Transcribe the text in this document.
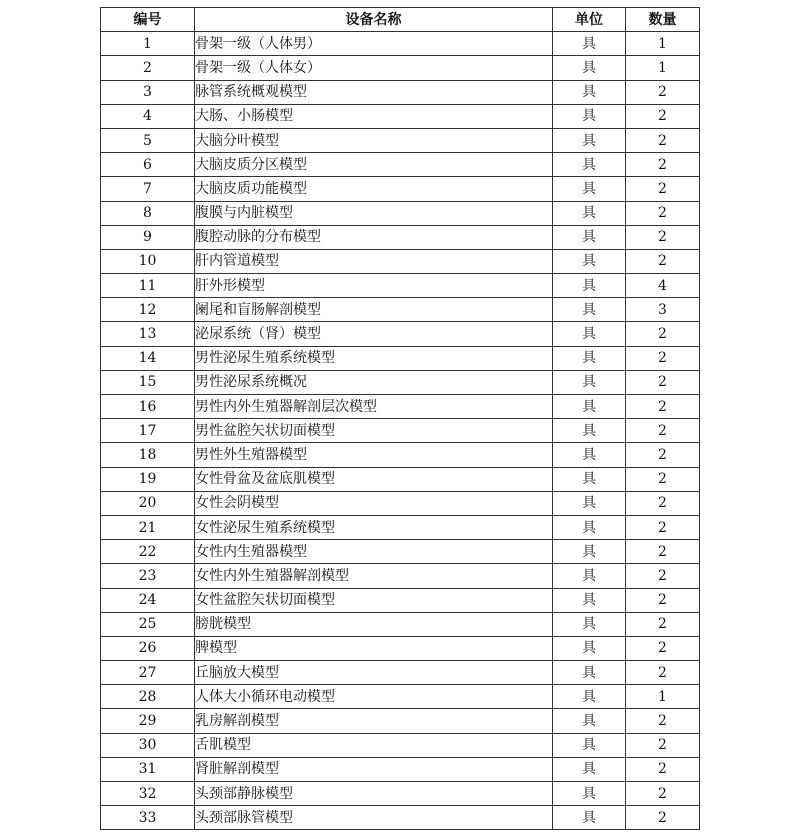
编号	设备名称	单位	数量
1	骨架一级（人体男）	具	1
2	骨架一级（人体女）	具	1
3	脉管系统概观模型	具	2
4	大肠、小肠模型	具	2
5	大脑分叶模型	具	2
6	大脑皮质分区模型	具	2
7	大脑皮质功能模型	具	2
8	腹膜与内脏模型	具	2
9	腹腔动脉的分布模型	具	2
10	肝内管道模型	具	2
11	肝外形模型	具	4
12	阑尾和盲肠解剖模型	具	3
13	泌尿系统（肾）模型	具	2
14	男性泌尿生殖系统模型	具	2
15	男性泌尿系统概况	具	2
16	男性内外生殖器解剖层次模型	具	2
17	男性盆腔矢状切面模型	具	2
18	男性外生殖器模型	具	2
19	女性骨盆及盆底肌模型	具	2
20	女性会阴模型	具	2
21	女性泌尿生殖系统模型	具	2
22	女性内生殖器模型	具	2
23	女性内外生殖器解剖模型	具	2
24	女性盆腔矢状切面模型	具	2
25	膀胱模型	具	2
26	脾模型	具	2
27	丘脑放大模型	具	2
28	人体大小循环电动模型	具	1
29	乳房解剖模型	具	2
30	舌肌模型	具	2
31	肾脏解剖模型	具	2
32	头颈部静脉模型	具	2
33	头颈部脉管模型	具	2
